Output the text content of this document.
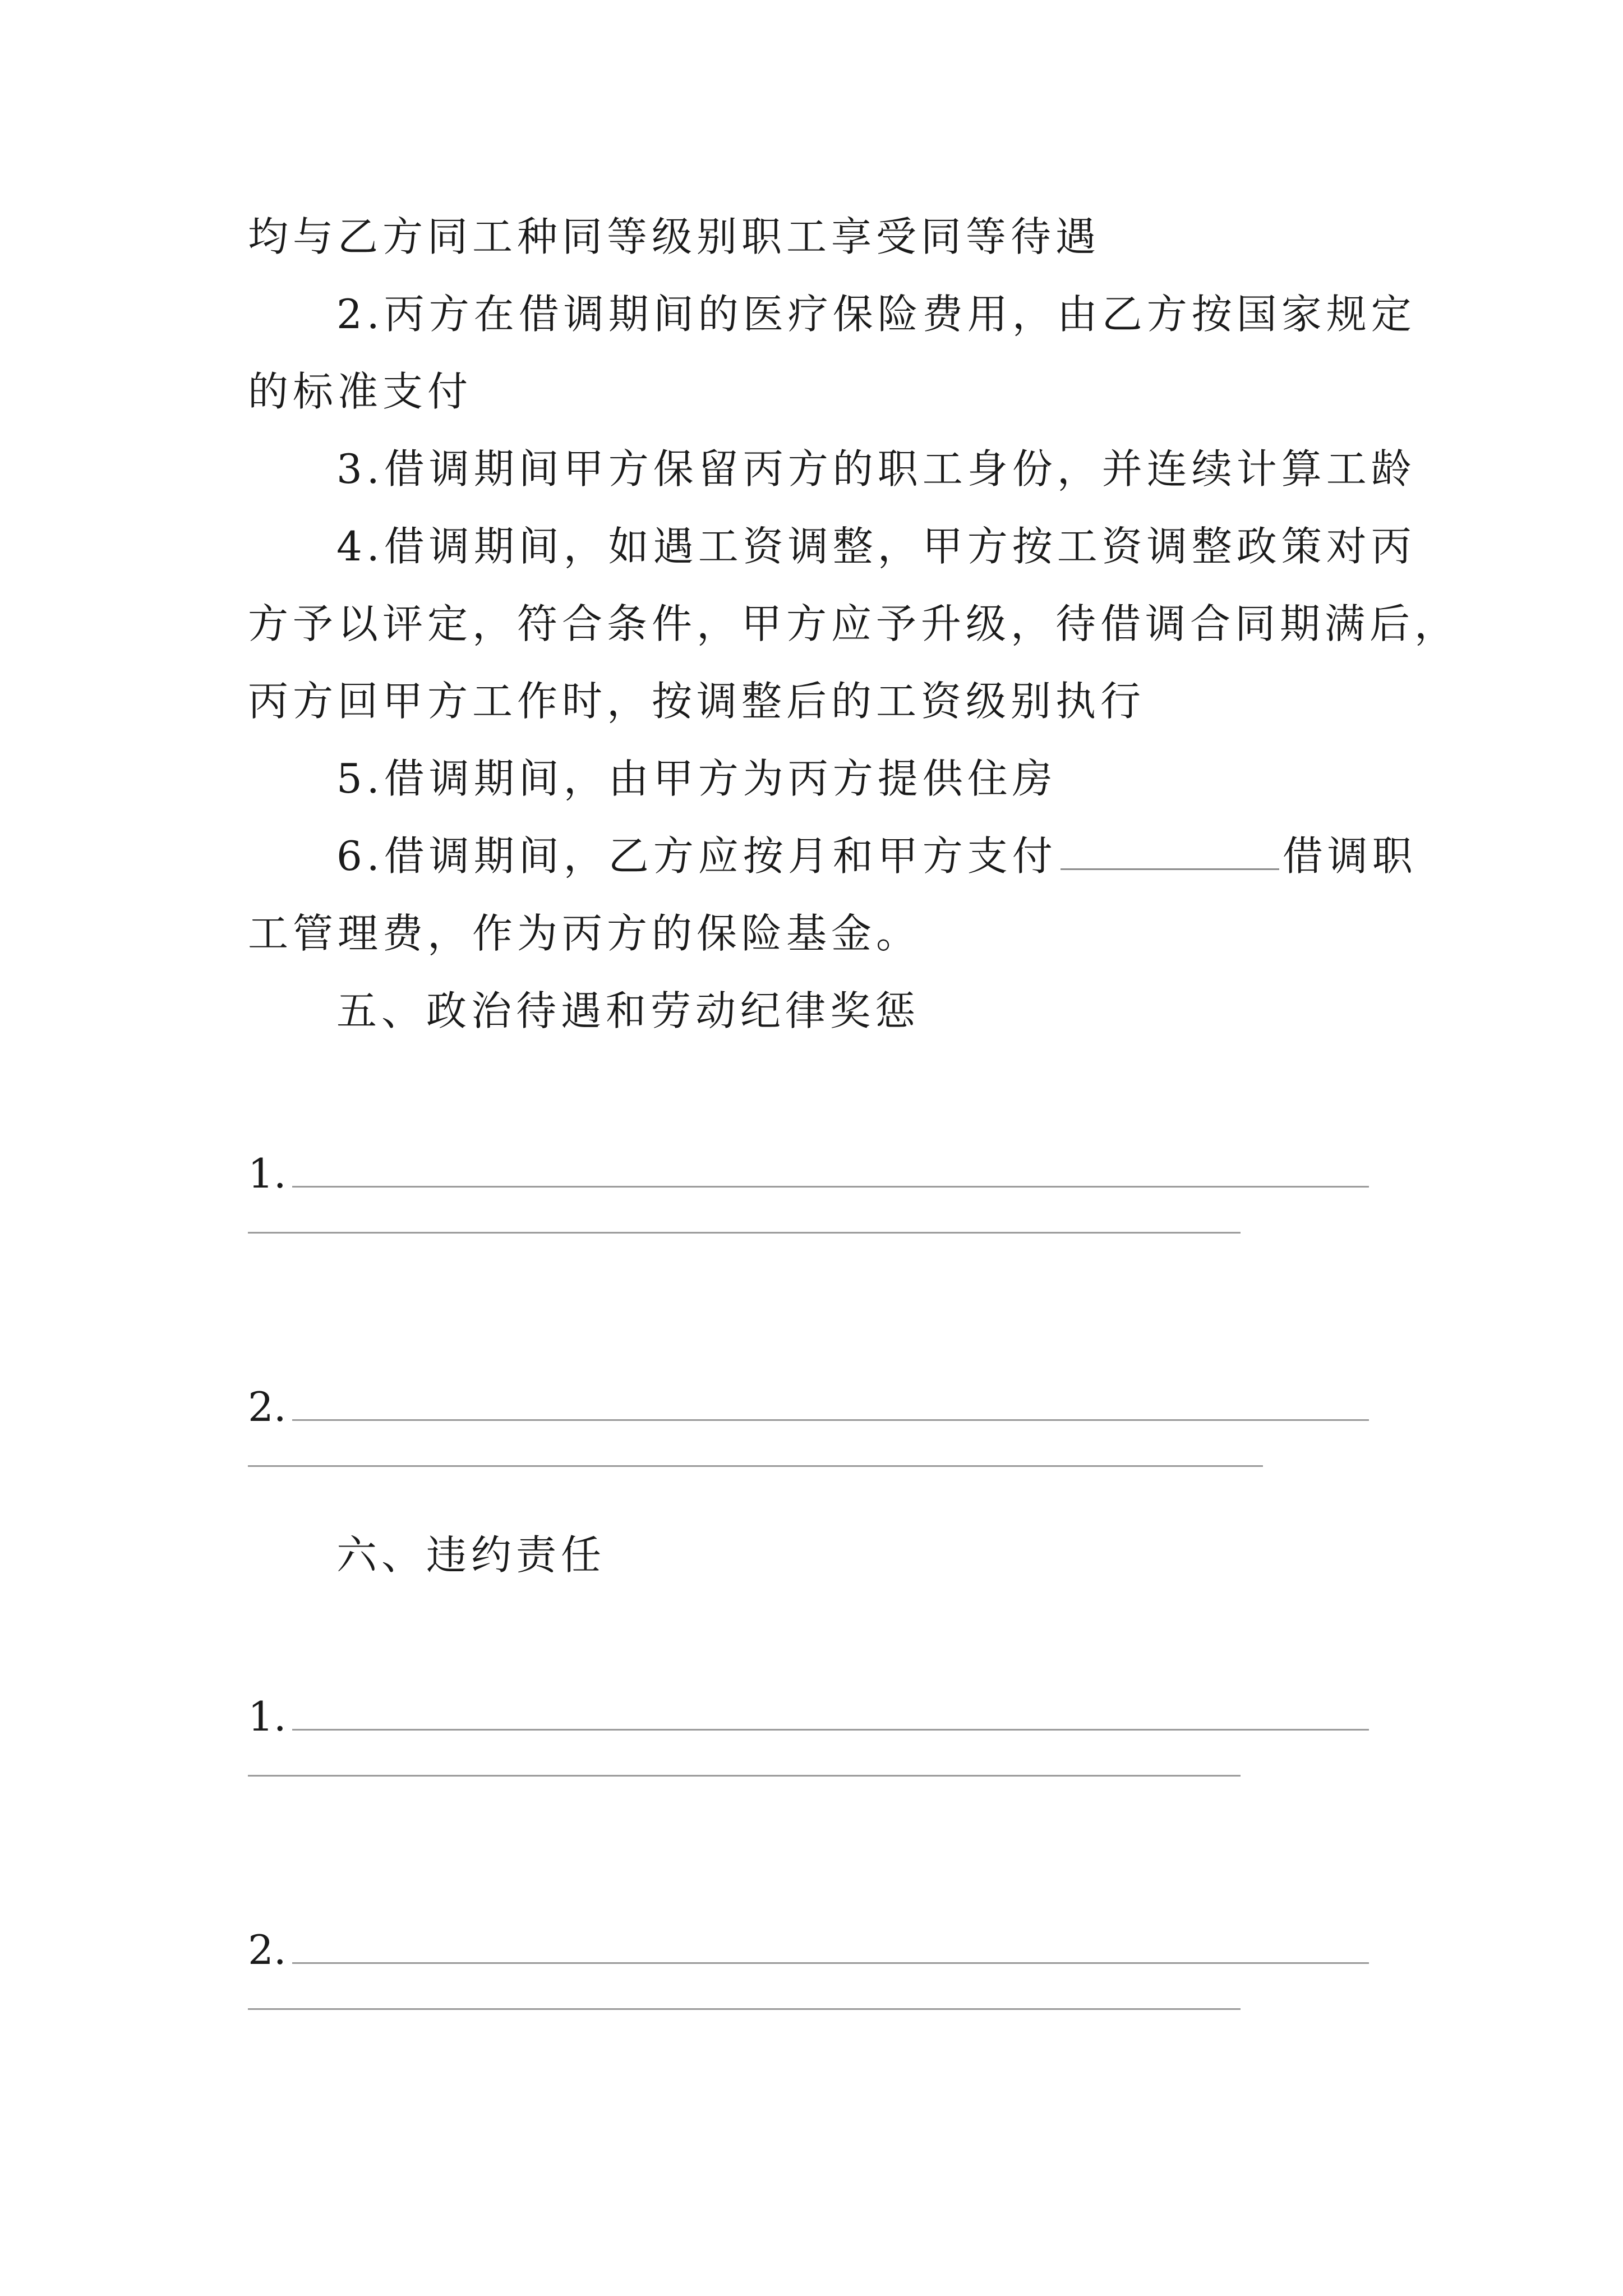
均与乙方同工种同等级别职工享受同等待遇
2.丙方在借调期间的医疗保险费用，由乙方按国家规定
的标准支付
3.借调期间甲方保留丙方的职工身份，并连续计算工龄
4.借调期间，如遇工资调整，甲方按工资调整政策对丙
方予以评定，符合条件，甲方应予升级，待借调合同期满后，
丙方回甲方工作时，按调整后的工资级别执行
5.借调期间，由甲方为丙方提供住房
6.借调期间，乙方应按月和甲方支付	借调职
工管理费，作为丙方的保险基金。
五、政治待遇和劳动纪律奖惩
1.
2.
六、违约责任
1.
2.
